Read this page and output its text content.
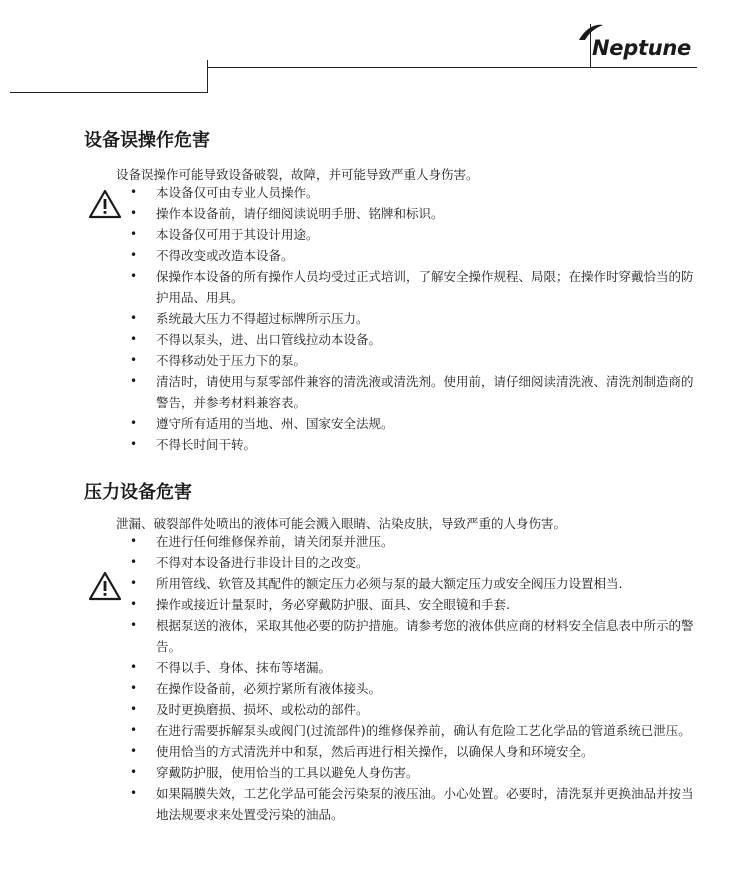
Neptune
设备误操作危害

设备误操作可能导致设备破裂，故障，并可能导致严重人身伤害。

• 本设备仅可由专业人员操作。
• 操作本设备前，请仔细阅读说明手册、铭牌和标识。
• 本设备仅可用于其设计用途。
• 不得改变或改造本设备。
• 保操作本设备的所有操作人员均受过正式培训，了解安全操作规程、局限；在操作时穿戴恰当的防护用品、用具。
• 系统最大压力不得超过标牌所示压力。
• 不得以泵头，进、出口管线拉动本设备。
• 不得移动处于压力下的泵。
• 清洁时，请使用与泵零部件兼容的清洗液或清洗剂。使用前，请仔细阅读清洗液、清洗剂制造商的警告，并参考材料兼容表。
• 遵守所有适用的当地、州、国家安全法规。
• 不得长时间干转。
压力设备危害

泄漏、破裂部件处喷出的液体可能会溅入眼睛、沾染皮肤，导致严重的人身伤害。

• 在进行任何维修保养前，请关闭泵并泄压。
• 不得对本设备进行非设计目的之改变。
• 所用管线、软管及其配件的额定压力必须与泵的最大额定压力或安全阀压力设置相当.
• 操作或接近计量泵时，务必穿戴防护服、面具、安全眼镜和手套.
• 根据泵送的液体，采取其他必要的防护措施。请参考您的液体供应商的材料安全信息表中所示的警告。
• 不得以手、身体、抹布等堵漏。
• 在操作设备前，必须拧紧所有液体接头。
• 及时更换磨损、损坏、或松动的部件。
• 在进行需要拆解泵头或阀门(过流部件)的维修保养前，确认有危险工艺化学品的管道系统已泄压。
• 使用恰当的方式清洗并中和泵，然后再进行相关操作，以确保人身和环境安全。
• 穿戴防护服，使用恰当的工具以避免人身伤害。
• 如果隔膜失效，工艺化学品可能会污染泵的液压油。小心处置。必要时，清洗泵并更换油品并按当地法规要求来处置受污染的油品。
